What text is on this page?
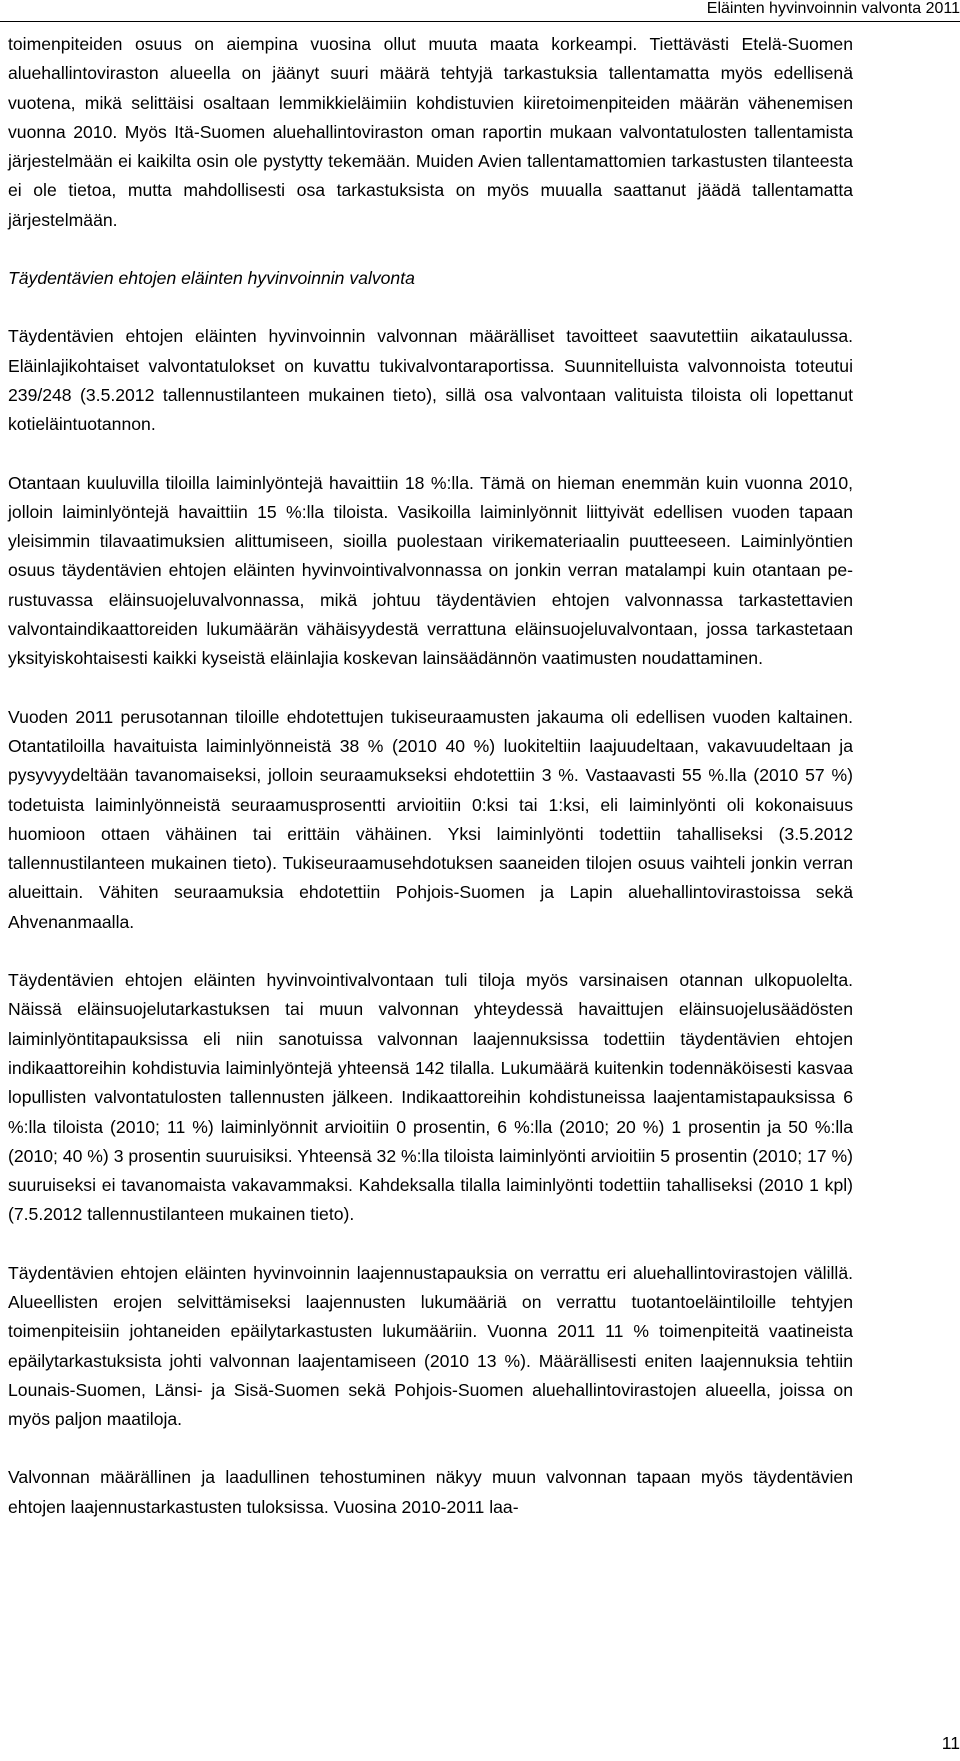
Eläinten hyvinvoinnin valvonta 2011

toimenpiteiden osuus on aiempina vuosina ollut muuta maata korkeampi. Tiettävästi Etelä-Suomen aluehallintoviraston alueella on jäänyt suuri määrä tehtyjä tarkastuksia tallentamatta myös edellisenä vuotena, mikä selittäisi osaltaan lemmikkieläimiin kohdistuvien kiiretoimenpiteiden määrän vähenemisen vuonna 2010. Myös Itä-Suomen aluehallintoviraston oman raportin mukaan valvontatulosten tallentamista järjestelmään ei kaikilta osin ole pystytty tekemään. Muiden Avien tallentamattomien tarkastusten tilanteesta ei ole tietoa, mutta mahdollisesti osa tarkastuksista on myös muualla saattanut jäädä tallentamatta järjestelmään.

Täydentävien ehtojen eläinten hyvinvoinnin valvonta

Täydentävien ehtojen eläinten hyvinvoinnin valvonnan määrälliset tavoitteet saavutettiin aikataulussa. Eläinlajikohtaiset valvontatulokset on kuvattu tukivalvontaraportissa. Suunnitelluista valvonnoista toteutui 239/248 (3.5.2012 tallennustilanteen mukainen tieto), sillä osa valvontaan valituista tiloista oli lopettanut kotieläintuotannon.

Otantaan kuuluvilla tiloilla laiminlyöntejä havaittiin 18 %:lla. Tämä on hieman enemmän kuin vuonna 2010, jolloin laiminlyöntejä havaittiin 15 %:lla tiloista. Vasikoilla laiminlyönnit liittyivät edellisen vuoden tapaan yleisimmin tilavaatimuksien alittumiseen, sioilla puolestaan virikemateriaalin puutteeseen. Laiminlyöntien osuus täydentävien ehtojen eläinten hyvinvointivalvonnassa on jonkin verran matalampi kuin otantaan perustuvassa eläinsuojeluvalvonnassa, mikä johtuu täydentävien ehtojen valvonnassa tarkastettavien valvontaindikaattoreiden lukumäärän vähäisyydestä verrattuna eläinsuojeluvalvontaan, jossa tarkastetaan yksityiskohtaisesti kaikki kyseistä eläinlajia koskevan lainsäädännön vaatimusten noudattaminen.

Vuoden 2011 perusotannan tiloille ehdotettujen tukiseuraamusten jakauma oli edellisen vuoden kaltainen. Otantatiloilla havaituista laiminlyönneistä 38 % (2010 40 %) luokiteltiin laajuudeltaan, vakavuudeltaan ja pysyvyydeltään tavanomaiseksi, jolloin seuraamukseksi ehdotettiin 3 %. Vastaavasti 55 %.lla (2010 57 %) todetuista laiminlyönneistä seuraamusprosentti arvioitiin 0:ksi tai 1:ksi, eli laiminlyönti oli kokonaisuus huomioon ottaen vähäinen tai erittäin vähäinen. Yksi laiminlyönti todettiin tahalliseksi (3.5.2012 tallennustilanteen mukainen tieto). Tukiseuraamusehdotuksen saaneiden tilojen osuus vaihteli jonkin verran alueittain. Vähiten seuraamuksia ehdotettiin Pohjois-Suomen ja Lapin aluehallintovirastoissa sekä Ahvenanmaalla.

Täydentävien ehtojen eläinten hyvinvointivalvontaan tuli tiloja myös varsinaisen otannan ulkopuolelta. Näissä eläinsuojelutarkastuksen tai muun valvonnan yhteydessä havaittujen eläinsuojelusäädösten laiminlyöntitapauksissa eli niin sanotuissa valvonnan laajennuksissa todettiin täydentävien ehtojen indikaattoreihin kohdistuvia laiminlyöntejä yhteensä 142 tilalla. Lukumäärä kuitenkin todennäköisesti kasvaa lopullisten valvontatulosten tallennusten jälkeen. Indikaattoreihin kohdistuneissa laajentamistapauksissa 6 %:lla tiloista (2010; 11 %) laiminlyönnit arvioitiin 0 prosentin, 6 %:lla (2010; 20 %) 1 prosentin ja 50 %:lla (2010; 40 %) 3 prosentin suuruisiksi. Yhteensä 32 %:lla tiloista laiminlyönti arvioitiin 5 prosentin (2010; 17 %) suuruiseksi ei tavanomaista vakavammaksi. Kahdeksalla tilalla laiminlyönti todettiin tahalliseksi (2010 1 kpl) (7.5.2012 tallennustilanteen mukainen tieto).

Täydentävien ehtojen eläinten hyvinvoinnin laajennustapauksia on verrattu eri aluehallintovirastojen välillä. Alueellisten erojen selvittämiseksi laajennusten lukumääriä on verrattu tuotantoeläintiloille tehtyjen toimenpiteisiin johtaneiden epäilytarkastusten lukumääriin. Vuonna 2011 11 % toimenpiteitä vaatineista epäilytarkastuksista johti valvonnan laajentamiseen (2010 13 %). Määrällisesti eniten laajennuksia tehtiin Lounais-Suomen, Länsi- ja Sisä-Suomen sekä Pohjois-Suomen aluehallintovirastojen alueella, joissa on myös paljon maatiloja.

Valvonnan määrällinen ja laadullinen tehostuminen näkyy muun valvonnan tapaan myös täydentävien ehtojen laajennustarkastusten tuloksissa. Vuosina 2010-2011 laa-

11
